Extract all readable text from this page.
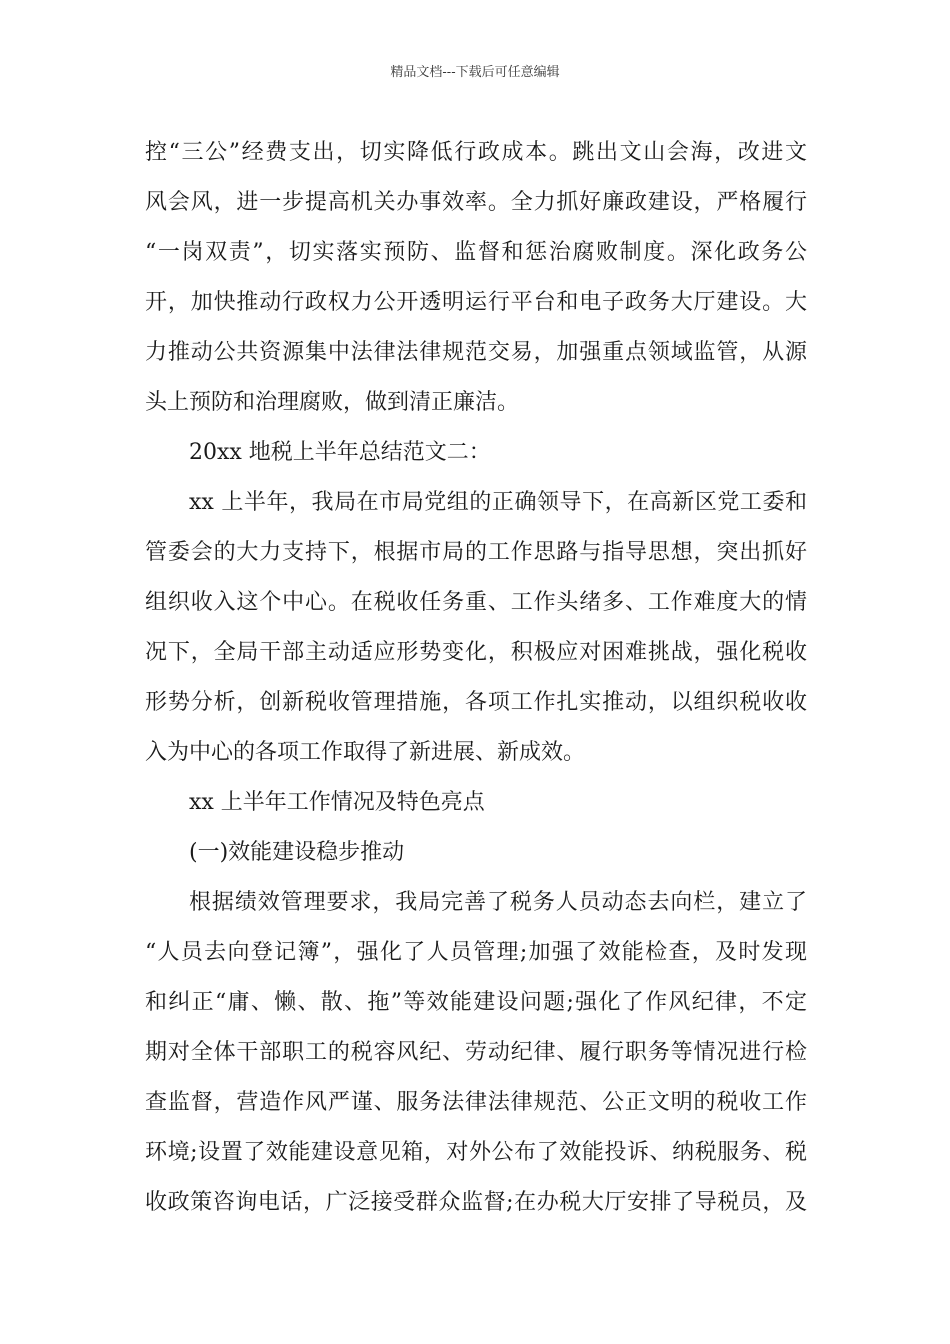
精品文档---下载后可任意编辑
控“三公”经费支出，切实降低行政成本。跳出文山会海，改进文
风会风，进一步提高机关办事效率。全力抓好廉政建设，严格履行
“一岗双责”，切实落实预防、监督和惩治腐败制度。深化政务公
开，加快推动行政权力公开透明运行平台和电子政务大厅建设。大
力推动公共资源集中法律法律规范交易，加强重点领域监管，从源
头上预防和治理腐败，做到清正廉洁。
20xx 地税上半年总结范文二：
xx 上半年，我局在市局党组的正确领导下，在高新区党工委和
管委会的大力支持下，根据市局的工作思路与指导思想，突出抓好
组织收入这个中心。在税收任务重、工作头绪多、工作难度大的情
况下，全局干部主动适应形势变化，积极应对困难挑战，强化税收
形势分析，创新税收管理措施，各项工作扎实推动，以组织税收收
入为中心的各项工作取得了新进展、新成效。
xx 上半年工作情况及特色亮点
(一)效能建设稳步推动
根据绩效管理要求，我局完善了税务人员动态去向栏，建立了
“人员去向登记簿”，强化了人员管理;加强了效能检查，及时发现
和纠正“庸、懒、散、拖”等效能建设问题;强化了作风纪律，不定
期对全体干部职工的税容风纪、劳动纪律、履行职务等情况进行检
查监督，营造作风严谨、服务法律法律规范、公正文明的税收工作
环境;设置了效能建设意见箱，对外公布了效能投诉、纳税服务、税
收政策咨询电话，广泛接受群众监督;在办税大厅安排了导税员，及
